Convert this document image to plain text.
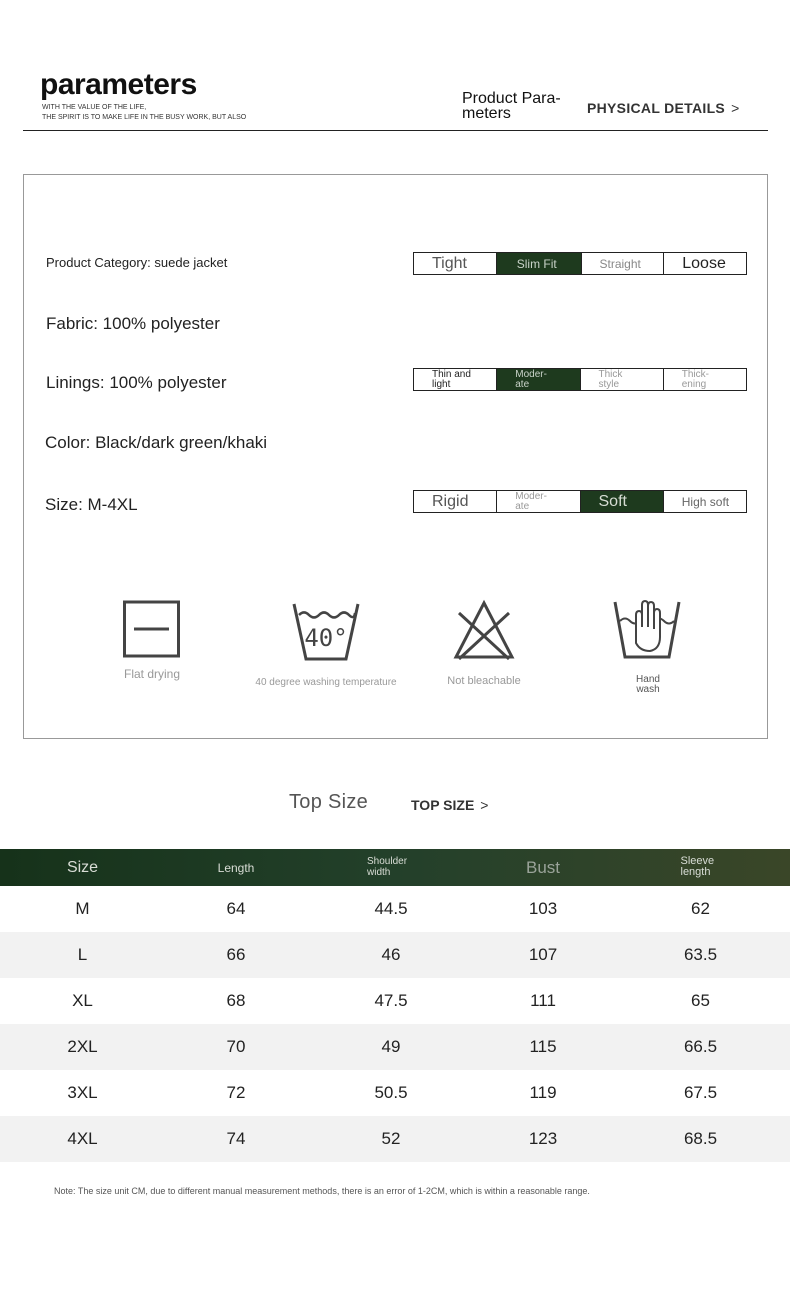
parameters
WITH THE VALUE OF THE LIFE,
THE SPIRIT IS TO MAKE LIFE IN THE BUSY WORK, BUT ALSO
Product Para-meters	PHYSICAL DETAILS >
Product Category: suede jacket
Fabric: 100% polyester
Linings: 100% polyester
Color: Black/dark green/khaki
Size: M-4XL
Tight	Slim Fit	Straight	Loose
Thin and light
Moder-ate
Thick style
Thick-ening
Rigid	Moder-ate	Soft	High soft
Flat drying
40°
40 degree washing temperature	Not bleachable	Hand wash
Top Size	TOP SIZE >
Size	Length	Shoulder width	Bust	Sleeve length
M	64	44.5	103	62
L	66	46	107	63.5
XL	68	47.5	111	65
2XL	70	49	115	66.5
3XL	72	50.5	119	67.5
4XL	74	52	123	68.5
Note: The size unit CM, due to different manual measurement methods, there is an error of 1-2CM, which is within a reasonable range.
